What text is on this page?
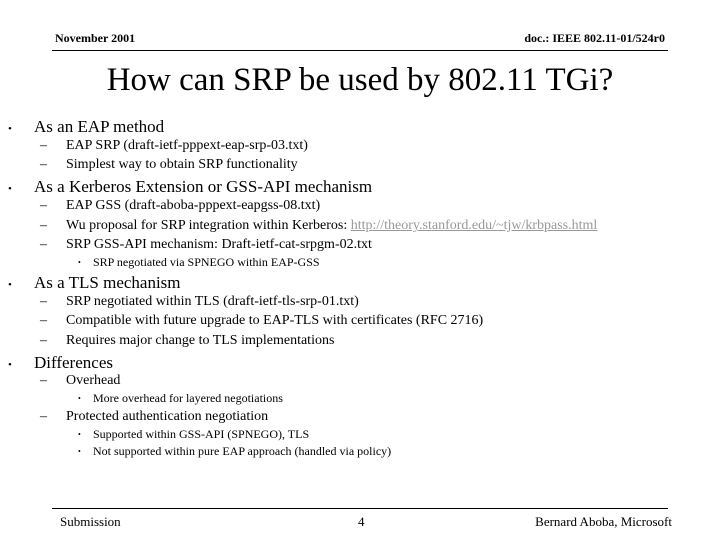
November 2001	doc.: IEEE 802.11-01/524r0
How can SRP be used by 802.11 TGi?
• As an EAP method
– EAP SRP (draft-ietf-pppext-eap-srp-03.txt)
– Simplest way to obtain SRP functionality
• As a Kerberos Extension or GSS-API mechanism
– EAP GSS (draft-aboba-pppext-eapgss-08.txt)
– Wu proposal for SRP integration within Kerberos: http://theory.stanford.edu/~tjw/krbpass.html
– SRP GSS-API mechanism: Draft-ietf-cat-srpgm-02.txt
• SRP negotiated via SPNEGO within EAP-GSS
• As a TLS mechanism
– SRP negotiated within TLS (draft-ietf-tls-srp-01.txt)
– Compatible with future upgrade to EAP-TLS with certificates (RFC 2716)
– Requires major change to TLS implementations
• Differences
– Overhead
• More overhead for layered negotiations
– Protected authentication negotiation
• Supported within GSS-API (SPNEGO), TLS
• Not supported within pure EAP approach (handled via policy)
Submission	4	Bernard Aboba, Microsoft
